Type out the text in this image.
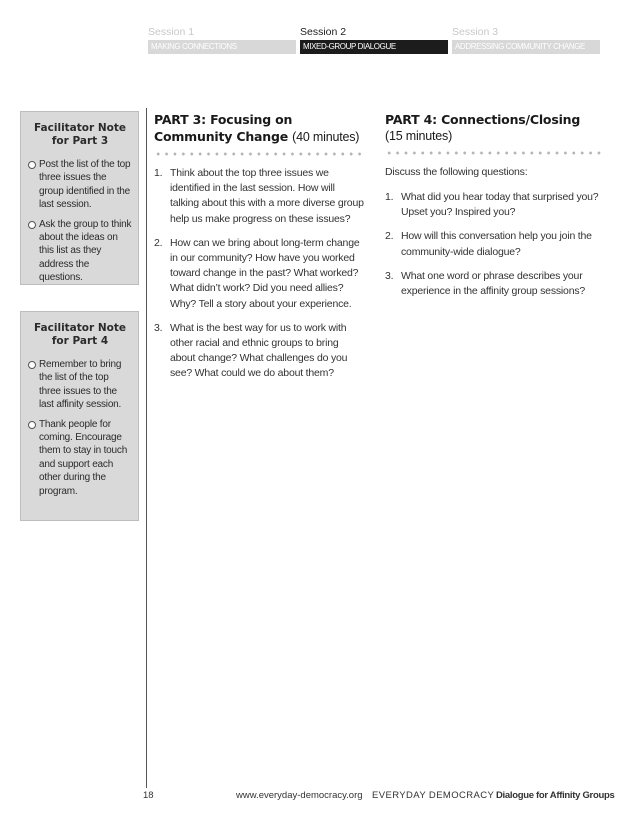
Session 1
MAKING CONNECTIONS
Session 2
MIXED-GROUP DIALOGUE
Session 3
ADDRESSING COMMUNITY CHANGE
Facilitator Note for Part 3
Post the list of the top three issues the group identified in the last session.
Ask the group to think about the ideas on this list as they address the questions.
Facilitator Note for Part 4
Remember to bring the list of the top three issues to the last affinity session.
Thank people for coming. Encourage them to stay in touch and support each other during the program.
PART 3: Focusing on Community Change (40 minutes)
1. Think about the top three issues we identified in the last session. How will talking about this with a more diverse group help us make progress on these issues?
2. How can we bring about long-term change in our community? How have you worked toward change in the past? What worked? What didn’t work? Did you need allies? Why? Tell a story about your experience.
3. What is the best way for us to work with other racial and ethnic groups to bring about change? What challenges do you see? What could we do about them?
PART 4: Connections/Closing
(15 minutes)
Discuss the following questions:
1. What did you hear today that surprised you? Upset you? Inspired you?
2. How will this conversation help you join the community-wide dialogue?
3. What one word or phrase describes your experience in the affinity group sessions?
18	www.everyday-democracy.org EVERYDAY DEMOCRACY Dialogue for Affinity Groups
